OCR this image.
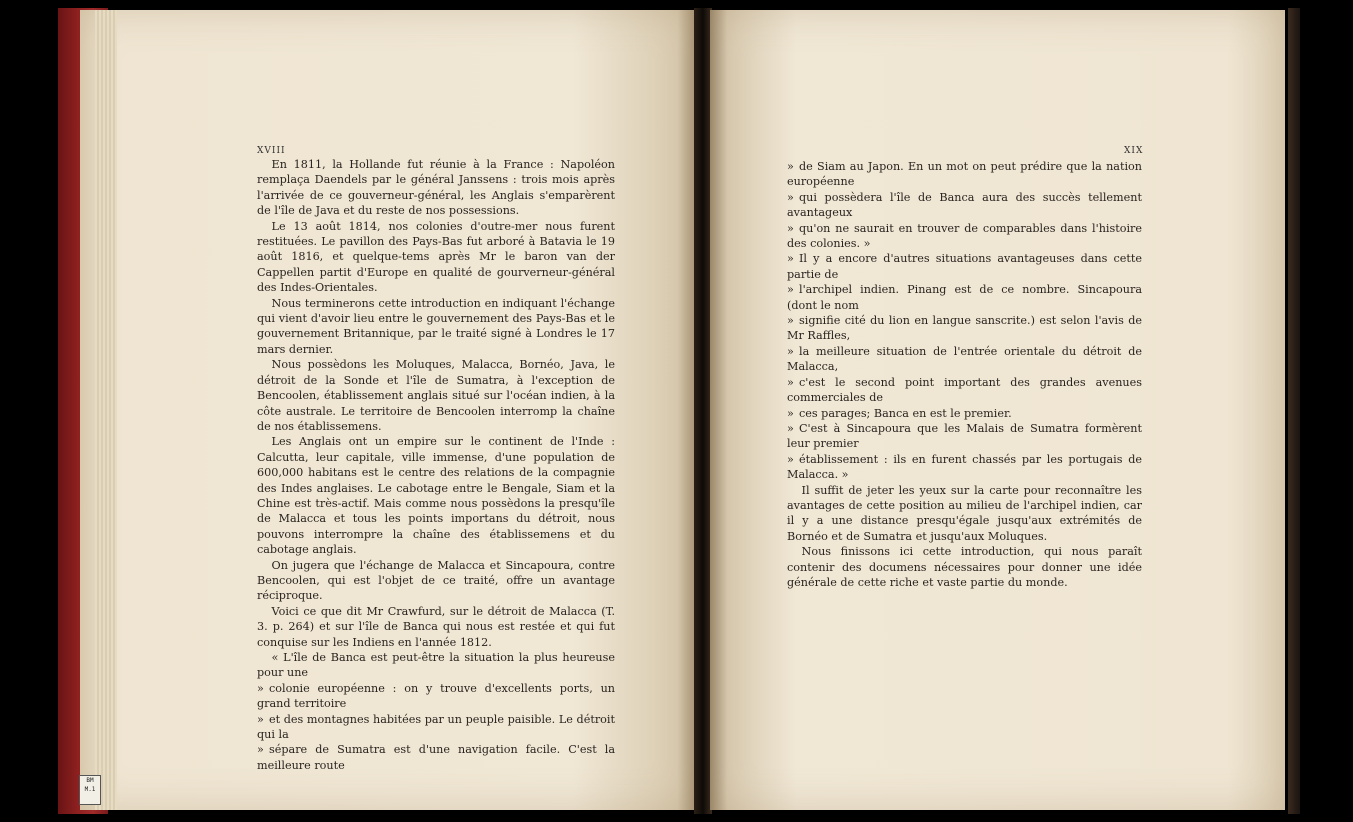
BM
M.1
XVIII	XIX

En 1811, la Hollande fut réunie à la France : Napoléon remplaça Daendels par le général Janssens : trois mois après l'arrivée de ce gouverneur-général, les Anglais s'emparèrent de l'île de Java et du reste de nos possessions.

Le 13 août 1814, nos colonies d'outre-mer nous furent restituées. Le pavillon des Pays-Bas fut arboré à Batavia le 19 août 1816, et quelque-tems après Mr le baron van der Cappellen partit d'Europe en qualité de gourverneur-général des Indes-Orientales.

Nous terminerons cette introduction en indiquant l'échange qui vient d'avoir lieu entre le gouvernement des Pays-Bas et le gouvernement Britannique, par le traité signé à Londres le 17 mars dernier.

Nous possèdons les Moluques, Malacca, Bornéo, Java, le détroit de la Sonde et l'île de Sumatra, à l'exception de Bencoolen, établissement anglais situé sur l'océan indien, à la côte australe. Le territoire de Bencoolen interromp la chaîne de nos établissemens.

Les Anglais ont un empire sur le continent de l'Inde : Calcutta, leur capitale, ville immense, d'une population de 600,000 habitans est le centre des relations de la compagnie des Indes anglaises. Le cabotage entre le Bengale, Siam et la Chine est très-actif. Mais comme nous possèdons la presqu'île de Malacca et tous les points importans du détroit, nous pouvons interrompre la chaîne des établissemens et du cabotage anglais.

On jugera que l'échange de Malacca et Sincapoura, contre Bencoolen, qui est l'objet de ce traité, offre un avantage réciproque.

Voici ce que dit Mr Crawfurd, sur le détroit de Malacca (T. 3. p. 264) et sur l'île de Banca qui nous est restée et qui fut conquise sur les Indiens en l'année 1812.

« L'île de Banca est peut-être la situation la plus heureuse pour une

» colonie européenne : on y trouve d'excellents ports, un grand territoire

» et des montagnes habitées par un peuple paisible. Le détroit qui la

» sépare de Sumatra est d'une navigation facile. C'est la meilleure route

» de Siam au Japon. En un mot on peut prédire que la nation européenne

» qui possèdera l'île de Banca aura des succès tellement avantageux

» qu'on ne saurait en trouver de comparables dans l'histoire des colonies. »

» Il y a encore d'autres situations avantageuses dans cette partie de

» l'archipel indien. Pinang est de ce nombre. Sincapoura (dont le nom

» signifie cité du lion en langue sanscrite.) est selon l'avis de Mr Raffles,

» la meilleure situation de l'entrée orientale du détroit de Malacca,

» c'est le second point important des grandes avenues commerciales de

» ces parages; Banca en est le premier.

» C'est à Sincapoura que les Malais de Sumatra formèrent leur premier

» établissement : ils en furent chassés par les portugais de Malacca. »

Il suffit de jeter les yeux sur la carte pour reconnaître les avantages de cette position au milieu de l'archipel indien, car il y a une distance presqu'égale jusqu'aux extrémités de Bornéo et de Sumatra et jusqu'aux Moluques.

Nous finissons ici cette introduction, qui nous paraît contenir des documens nécessaires pour donner une idée générale de cette riche et vaste partie du monde.
